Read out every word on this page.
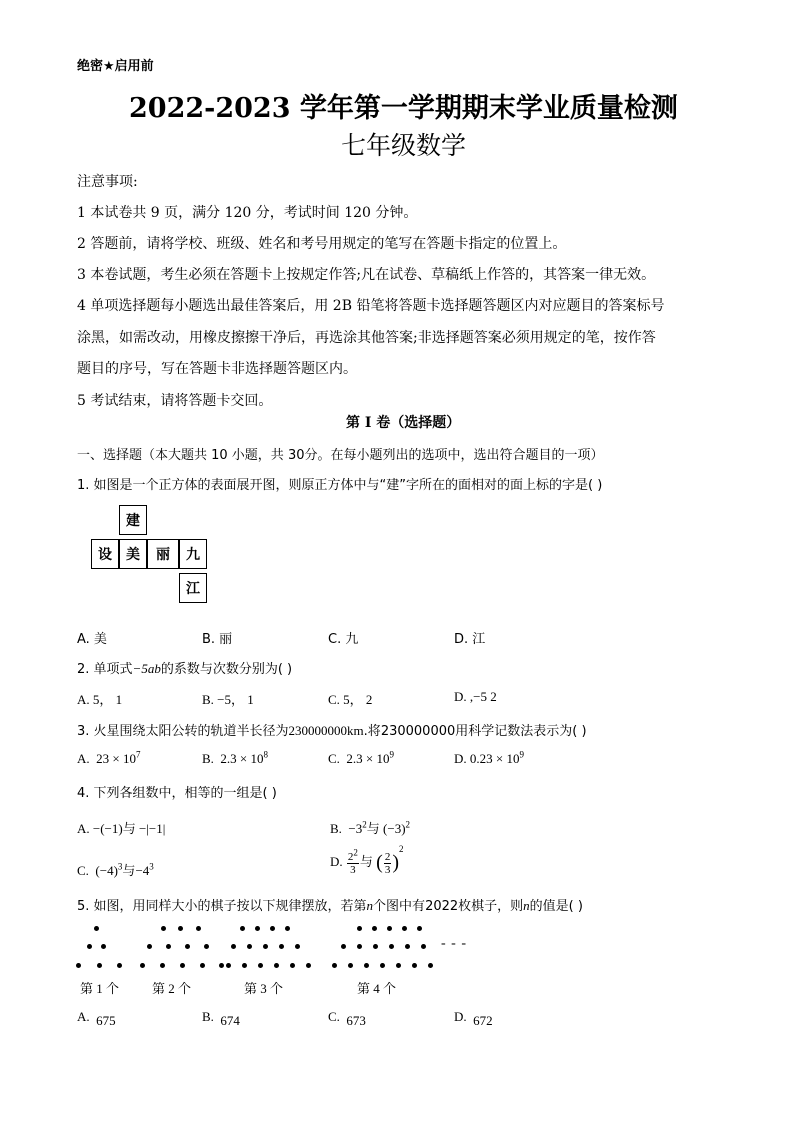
绝密★启用前
2022-2023 学年第一学期期末学业质量检测
七年级数学
注意事项:
1 本试卷共 9 页，满分 120 分，考试时间 120 分钟。
2 答题前，请将学校、班级、姓名和考号用规定的笔写在答题卡指定的位置上。
3 本卷试题，考生必须在答题卡上按规定作答;凡在试卷、草稿纸上作答的，其答案一律无效。
4 单项选择题每小题选出最佳答案后，用 2B 铅笔将答题卡选择题答题区内对应题目的答案标号
涂黑，如需改动，用橡皮擦擦干净后，再选涂其他答案;非选择题答案必须用规定的笔，按作答
题目的序号，写在答题卡非选择题答题区内。
5 考试结束，请将答题卡交回。
第 I 卷（选择题）
一、选择题（本大题共 10 小题，共 30分。在每小题列出的选项中，选出符合题目的一项）
1. 如图是一个正方体的表面展开图，则原正方体中与“建”字所在的面相对的面上标的字是( )
建
设	美	丽	九
江
A. 美	B. 丽	C. 九	D. 江
2. 单项式−5ab的系数与次数分别为( )
A. 5， 1	B. −5， 1	C. 5， 2	D. ,−5 2
3. 火星围绕太阳公转的轨道半长径为230000000km.将230000000用科学记数法表示为( )
A. $23 \times 10^7$	B. $2.3 \times 10^8$	C. $2.3 \times 10^9$	D. $0.23 \times 10^9$
4. 下列各组数中，相等的一组是( )
A. −(−1)与 −|−1|	B. $-3^2$与 $(-3)^2$
C. $(-4)^3$与$-4^3$	D. $\frac{2^2}{3}$ 与 ( $\frac{2}{3} )^2$
5. 如图，用同样大小的棋子按以下规律摆放，若第n个图中有2022枚棋子，则n的值是( )
- - -
第 1 个	第 2 个	第 3 个	第 4 个
A. 675	B. 674	C. 673	D. 672
